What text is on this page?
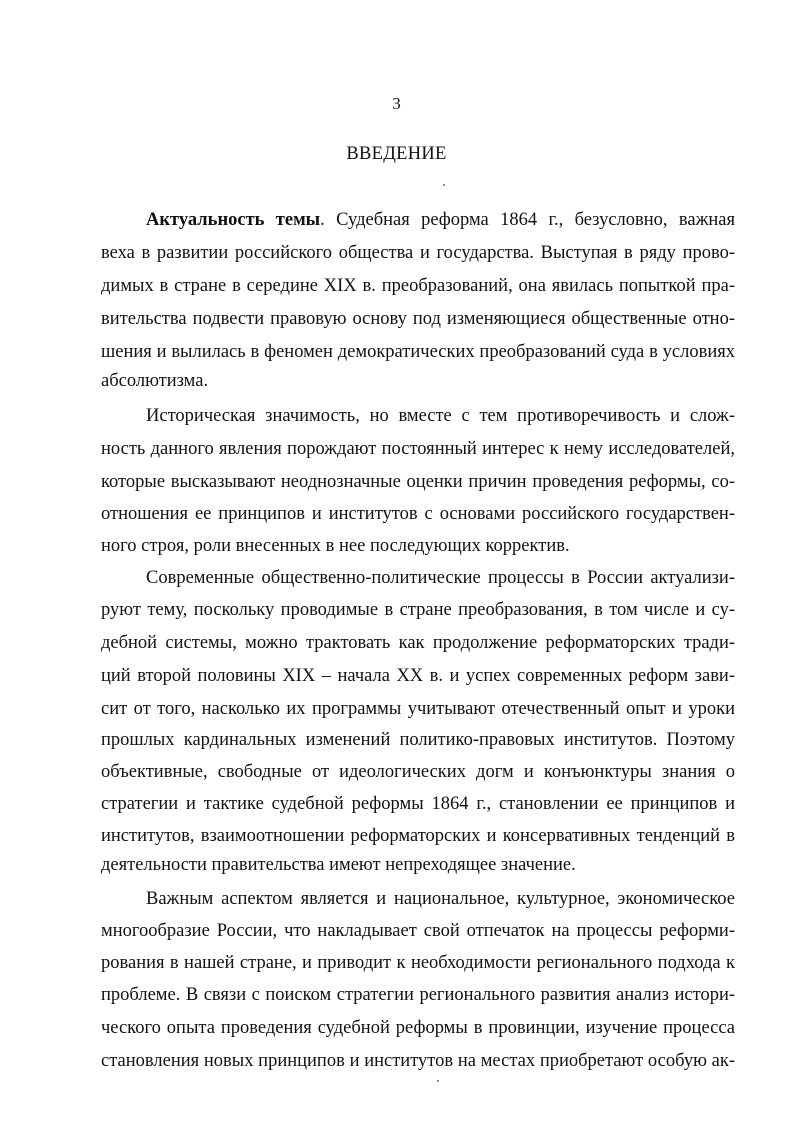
3
ВВЕДЕНИЕ
Актуальность темы. Судебная реформа 1864 г., безусловно, важная
веха в развитии российского общества и государства. Выступая в ряду прово-
димых в стране в середине XIX в. преобразований, она явилась попыткой пра-
вительства подвести правовую основу под изменяющиеся общественные отно-
шения и вылилась в феномен демократических преобразований суда в условиях
абсолютизма.
Историческая значимость, но вместе с тем противоречивость и слож-
ность данного явления порождают постоянный интерес к нему исследователей,
которые высказывают неоднозначные оценки причин проведения реформы, со-
отношения ее принципов и институтов с основами российского государствен-
ного строя, роли внесенных в нее последующих корректив.
Современные общественно-политические процессы в России актуализи-
руют тему, поскольку проводимые в стране преобразования, в том числе и су-
дебной системы, можно трактовать как продолжение реформаторских тради-
ций второй половины XIX – начала XX в. и успех современных реформ зави-
сит от того, насколько их программы учитывают отечественный опыт и уроки
прошлых кардинальных изменений политико-правовых институтов. Поэтому
объективные, свободные от идеологических догм и конъюнктуры знания о
стратегии и тактике судебной реформы 1864 г., становлении ее принципов и
институтов, взаимоотношении реформаторских и консервативных тенденций в
деятельности правительства имеют непреходящее значение.
Важным аспектом является и национальное, культурное, экономическое
многообразие России, что накладывает свой отпечаток на процессы реформи-
рования в нашей стране, и приводит к необходимости регионального подхода к
проблеме. В связи с поиском стратегии регионального развития анализ истори-
ческого опыта проведения судебной реформы в провинции, изучение процесса
становления новых принципов и институтов на местах приобретают особую ак-
